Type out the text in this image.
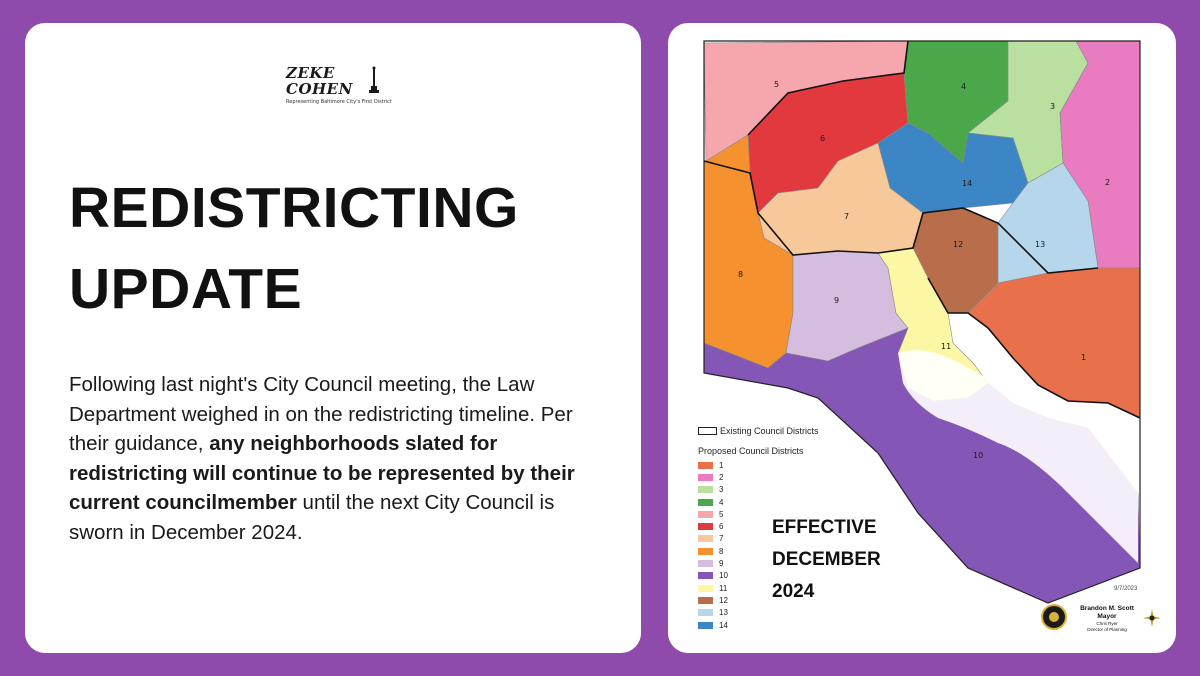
ZEKE
COHEN
Representing Baltimore City's First District
REDISTRICTING
UPDATE
Following last night's City Council meeting, the Law Department weighed in on the redistricting timeline. Per their guidance, any neighborhoods slated for redistricting will continue to be represented by their current councilmember until the next City Council is sworn in December 2024.
5
6
4
3
2
14
7
8
9
12	13
11
1
10
Existing Council Districts
Proposed Council Districts
1
2
3
4
5
6
7
8
9
10
11
12
13
14
EFFECTIVE
DECEMBER
2024	9/7/2023
Brandon M. Scott
Mayor
Chris Ryer
Director of Planning
